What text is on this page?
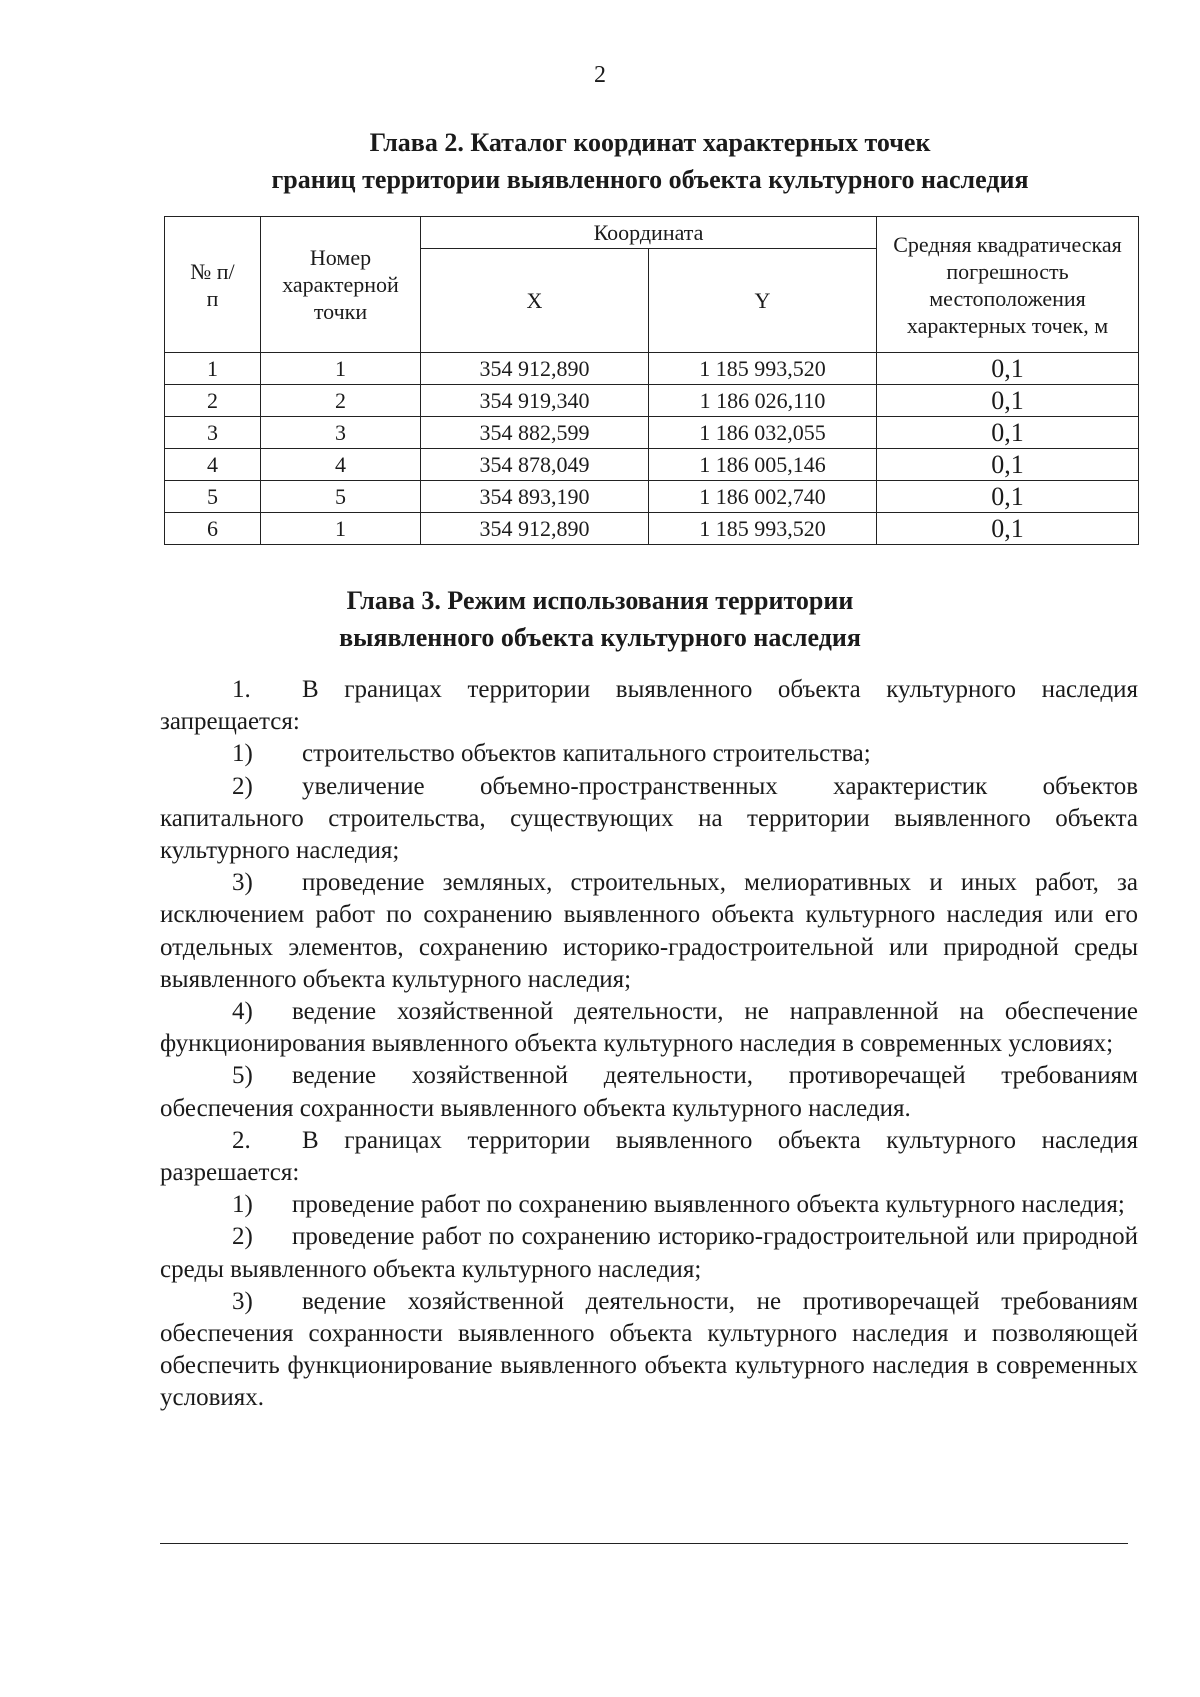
2
Глава 2. Каталог координат характерных точек
границ территории выявленного объекта культурного наследия
№ п/п	Номер характерной точки	Координата		Средняя квадратическая погрешность местоположения характерных точек, м
		X	Y	
1	1	354 912,890	1 185 993,520	0,1
2	2	354 919,340	1 186 026,110	0,1
3	3	354 882,599	1 186 032,055	0,1
4	4	354 878,049	1 186 005,146	0,1
5	5	354 893,190	1 186 002,740	0,1
6	1	354 912,890	1 185 993,520	0,1
Глава 3. Режим использования территории
выявленного объекта культурного наследия

1. В границах территории выявленного объекта культурного наследия запрещается:

1) строительство объектов капитального строительства;

2) увеличение объемно-пространственных характеристик объектов капитального строительства, существующих на территории выявленного объекта культурного наследия;

3) проведение земляных, строительных, мелиоративных и иных работ, за исключением работ по сохранению выявленного объекта культурного наследия или его отдельных элементов, сохранению историко-градостроительной или природной среды выявленного объекта культурного наследия;

4) ведение хозяйственной деятельности, не направленной на обеспечение функционирования выявленного объекта культурного наследия в современных условиях;

5) ведение хозяйственной деятельности, противоречащей требованиям обеспечения сохранности выявленного объекта культурного наследия.

2. В границах территории выявленного объекта культурного наследия разрешается:

1) проведение работ по сохранению выявленного объекта культурного наследия;

2) проведение работ по сохранению историко-градостроительной или природной среды выявленного объекта культурного наследия;

3) ведение хозяйственной деятельности, не противоречащей требованиям обеспечения сохранности выявленного объекта культурного наследия и позволяющей обеспечить функционирование выявленного объекта культурного наследия в современных условиях.
